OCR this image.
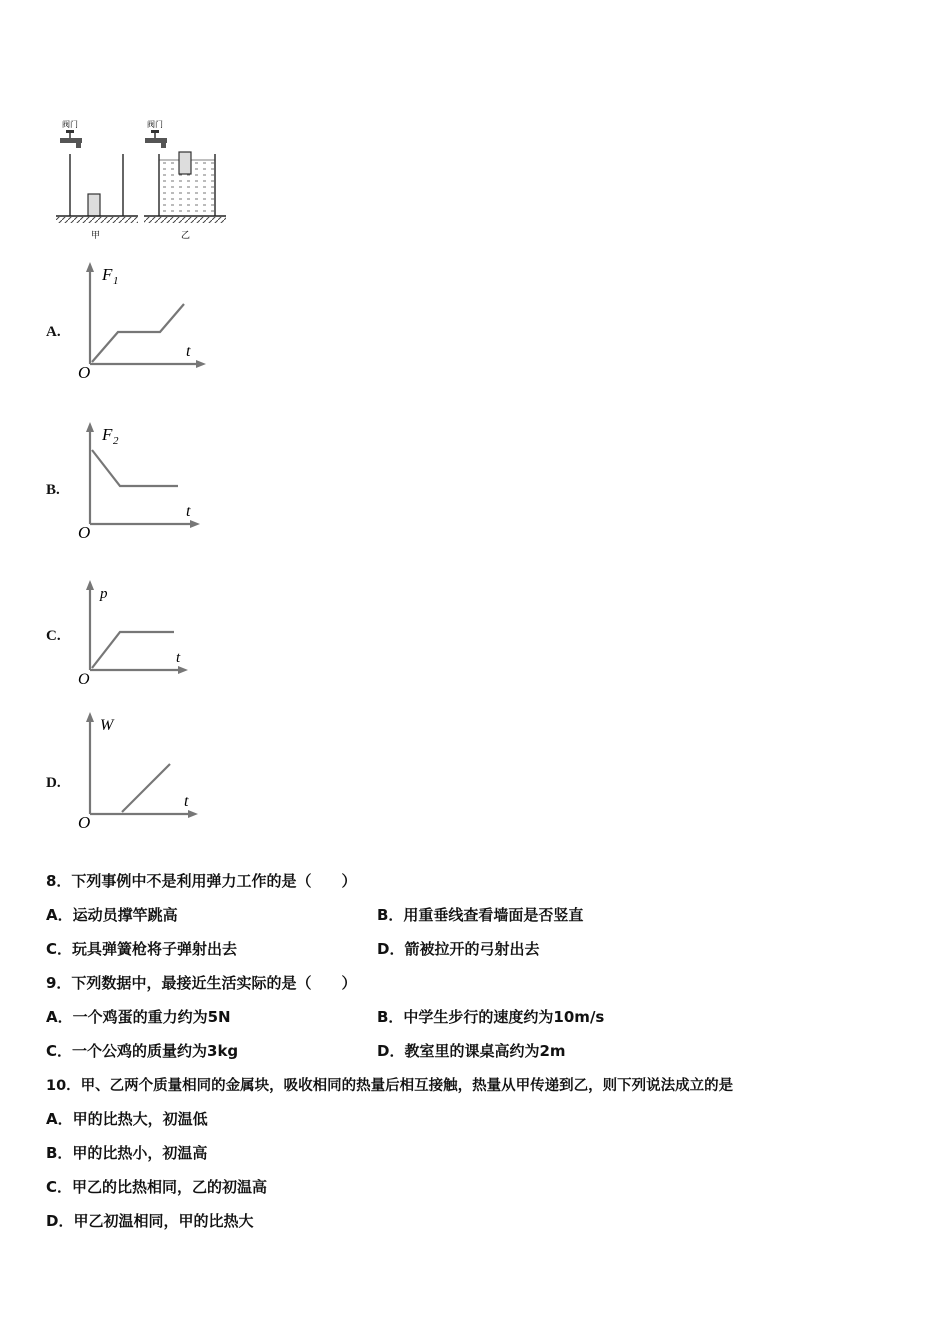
阀门
甲
阀门
乙
A.
F 1
t
O
B.
F 2
t
O
C.
p
t
O
D.
W
t
O
8．下列事例中不是利用弹力工作的是（　　）
A．运动员撑竿跳高	B．用重垂线查看墙面是否竖直
C．玩具弹簧枪将子弹射出去	D．箭被拉开的弓射出去
9．下列数据中，最接近生活实际的是（　　）
A．一个鸡蛋的重力约为5N	B．中学生步行的速度约为10m/s
C．一个公鸡的质量约为3kg	D．教室里的课桌高约为2m
10．甲、乙两个质量相同的金属块，吸收相同的热量后相互接触，热量从甲传递到乙，则下列说法成立的是
A．甲的比热大，初温低
B．甲的比热小，初温高
C．甲乙的比热相同，乙的初温高
D．甲乙初温相同，甲的比热大
